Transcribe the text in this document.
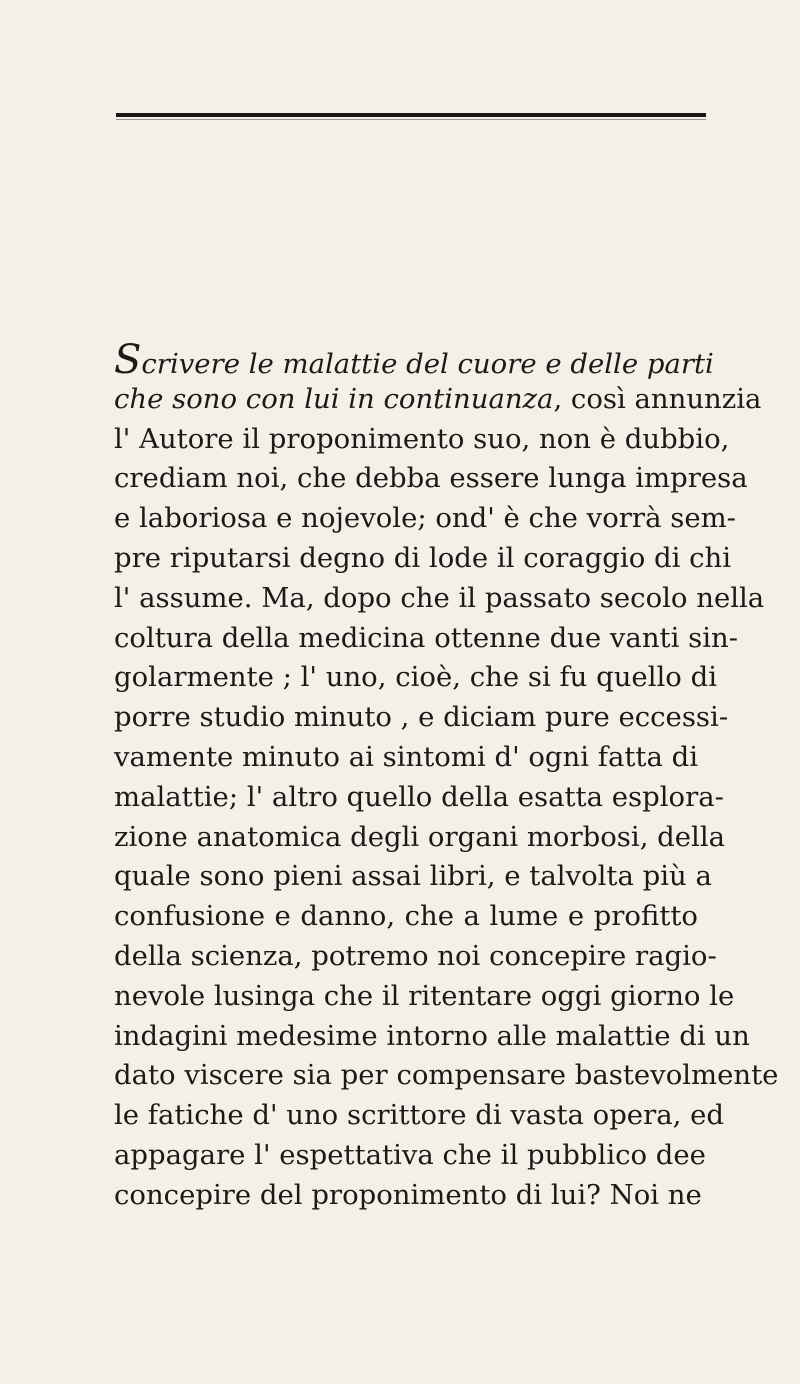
Scrivere le malattie del cuore e delle parti
che sono con lui in continuanza, così annunzia
l' Autore il proponimento suo, non è dubbio,
crediam noi, che debba essere lunga impresa
e laboriosa e nojevole; ond' è che vorrà sem-
pre riputarsi degno di lode il coraggio di chi
l' assume. Ma, dopo che il passato secolo nella
coltura della medicina ottenne due vanti sin-
golarmente ; l' uno, cioè, che si fu quello di
porre studio minuto , e diciam pure eccessi-
vamente minuto ai sintomi d' ogni fatta di
malattie; l' altro quello della esatta esplora-
zione anatomica degli organi morbosi, della
quale sono pieni assai libri, e talvolta più a
confusione e danno, che a lume e profitto
della scienza, potremo noi concepire ragio-
nevole lusinga che il ritentare oggi giorno le
indagini medesime intorno alle malattie di un
dato viscere sia per compensare bastevolmente
le fatiche d' uno scrittore di vasta opera, ed
appagare l' espettativa che il pubblico dee
concepire del proponimento di lui? Noi ne
